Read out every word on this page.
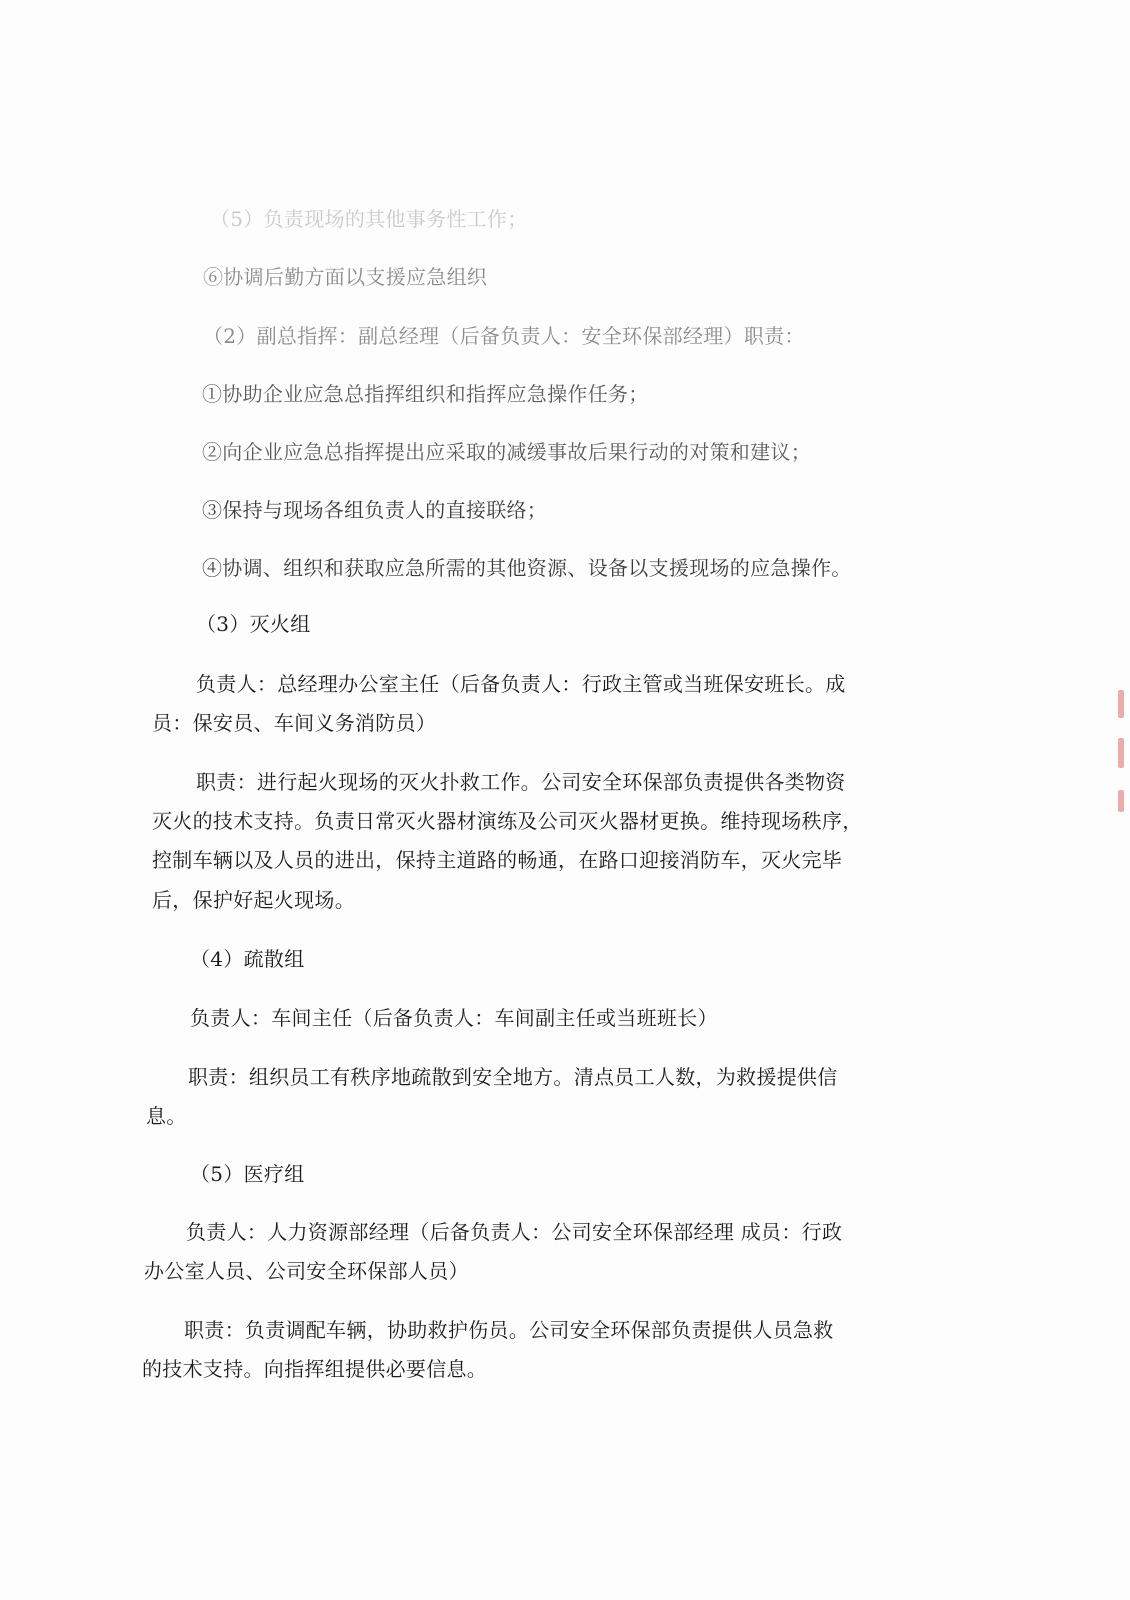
（5）负责现场的其他事务性工作；
⑥协调后勤方面以支援应急组织
（2）副总指挥：副总经理（后备负责人：安全环保部经理）职责：
①协助企业应急总指挥组织和指挥应急操作任务；
②向企业应急总指挥提出应采取的减缓事故后果行动的对策和建议；
③保持与现场各组负责人的直接联络；
④协调、组织和获取应急所需的其他资源、设备以支援现场的应急操作。
（3）灭火组
负责人：总经理办公室主任（后备负责人：行政主管或当班保安班长。成
员：保安员、车间义务消防员）
职责：进行起火现场的灭火扑救工作。公司安全环保部负责提供各类物资
灭火的技术支持。负责日常灭火器材演练及公司灭火器材更换。维持现场秩序，
控制车辆以及人员的进出，保持主道路的畅通，在路口迎接消防车，灭火完毕
后，保护好起火现场。
（4）疏散组
负责人：车间主任（后备负责人：车间副主任或当班班长）
职责：组织员工有秩序地疏散到安全地方。清点员工人数，为救援提供信
息。
（5）医疗组
负责人：人力资源部经理（后备负责人：公司安全环保部经理 成员：行政
办公室人员、公司安全环保部人员）
职责：负责调配车辆，协助救护伤员。公司安全环保部负责提供人员急救
的技术支持。向指挥组提供必要信息。
